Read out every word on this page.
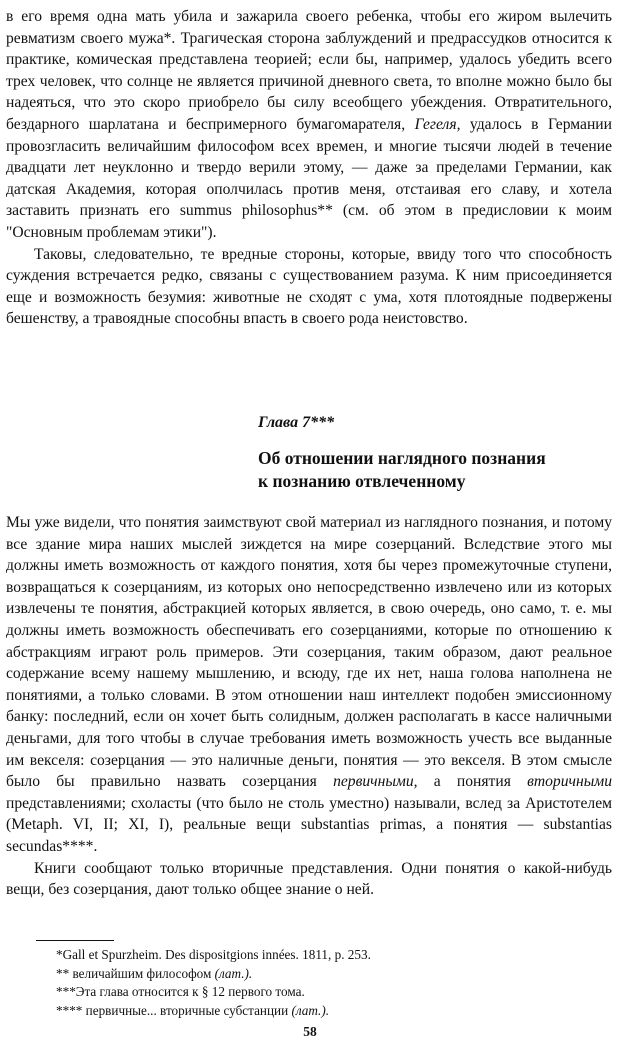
в его время одна мать убила и зажарила своего ребенка, чтобы его жиром вылечить ревматизм своего мужа*. Трагическая сторона заблуждений и предрассудков относится к практике, комическая представлена теорией; если бы, например, удалось убедить всего трех человек, что солнце не является причиной дневного света, то вполне можно было бы надеяться, что это скоро приобрело бы силу всеобщего убеждения. Отвратительного, бездарного шарлатана и беспримерного бумагомарателя, Гегеля, удалось в Германии провозгласить величайшим философом всех времен, и многие тысячи людей в течение двадцати лет неуклонно и твердо верили этому, — даже за пределами Германии, как датская Академия, которая ополчилась против меня, отстаивая его славу, и хотела заставить признать его summus philosophus** (см. об этом в предисловии к моим "Основным проблемам этики").

Таковы, следовательно, те вредные стороны, которые, ввиду того что способность суждения встречается редко, связаны с существованием разума. К ним присоединяется еще и возможность безумия: животные не сходят с ума, хотя плотоядные подвержены бешенству, а травоядные способны впасть в своего рода неистовство.

Глава 7***
Об отношении наглядного познания
к познанию отвлеченному

Мы уже видели, что понятия заимствуют свой материал из наглядного познания, и потому все здание мира наших мыслей зиждется на мире созерцаний. Вследствие этого мы должны иметь возможность от каждого понятия, хотя бы через промежуточные ступени, возвращаться к созерцаниям, из которых оно непосредственно извлечено или из которых извлечены те понятия, абстракцией которых является, в свою очередь, оно само, т. е. мы должны иметь возможность обеспечивать его созерцаниями, которые по отношению к абстракциям играют роль примеров. Эти созерцания, таким образом, дают реальное содержание всему нашему мышлению, и всюду, где их нет, наша голова наполнена не понятиями, а только словами. В этом отношении наш интеллект подобен эмиссионному банку: последний, если он хочет быть солидным, должен располагать в кассе наличными деньгами, для того чтобы в случае требования иметь возможность учесть все выданные им векселя: созерцания — это наличные деньги, понятия — это векселя. В этом смысле было бы правильно назвать созерцания первичными, а понятия вторичными представлениями; схоласты (что было не столь уместно) называли, вслед за Аристотелем (Metaph. VI, II; XI, I), реальные вещи substantias primas, а понятия — substantias secundas****.

Книги сообщают только вторичные представления. Одни понятия о какой-нибудь вещи, без созерцания, дают только общее знание о ней.

*Gall et Spurzheim. Des dispositgions innées. 1811, p. 253.
** величайшим философом (лат.).
***Эта глава относится к § 12 первого тома.
**** первичные... вторичные субстанции (лат.).
58
